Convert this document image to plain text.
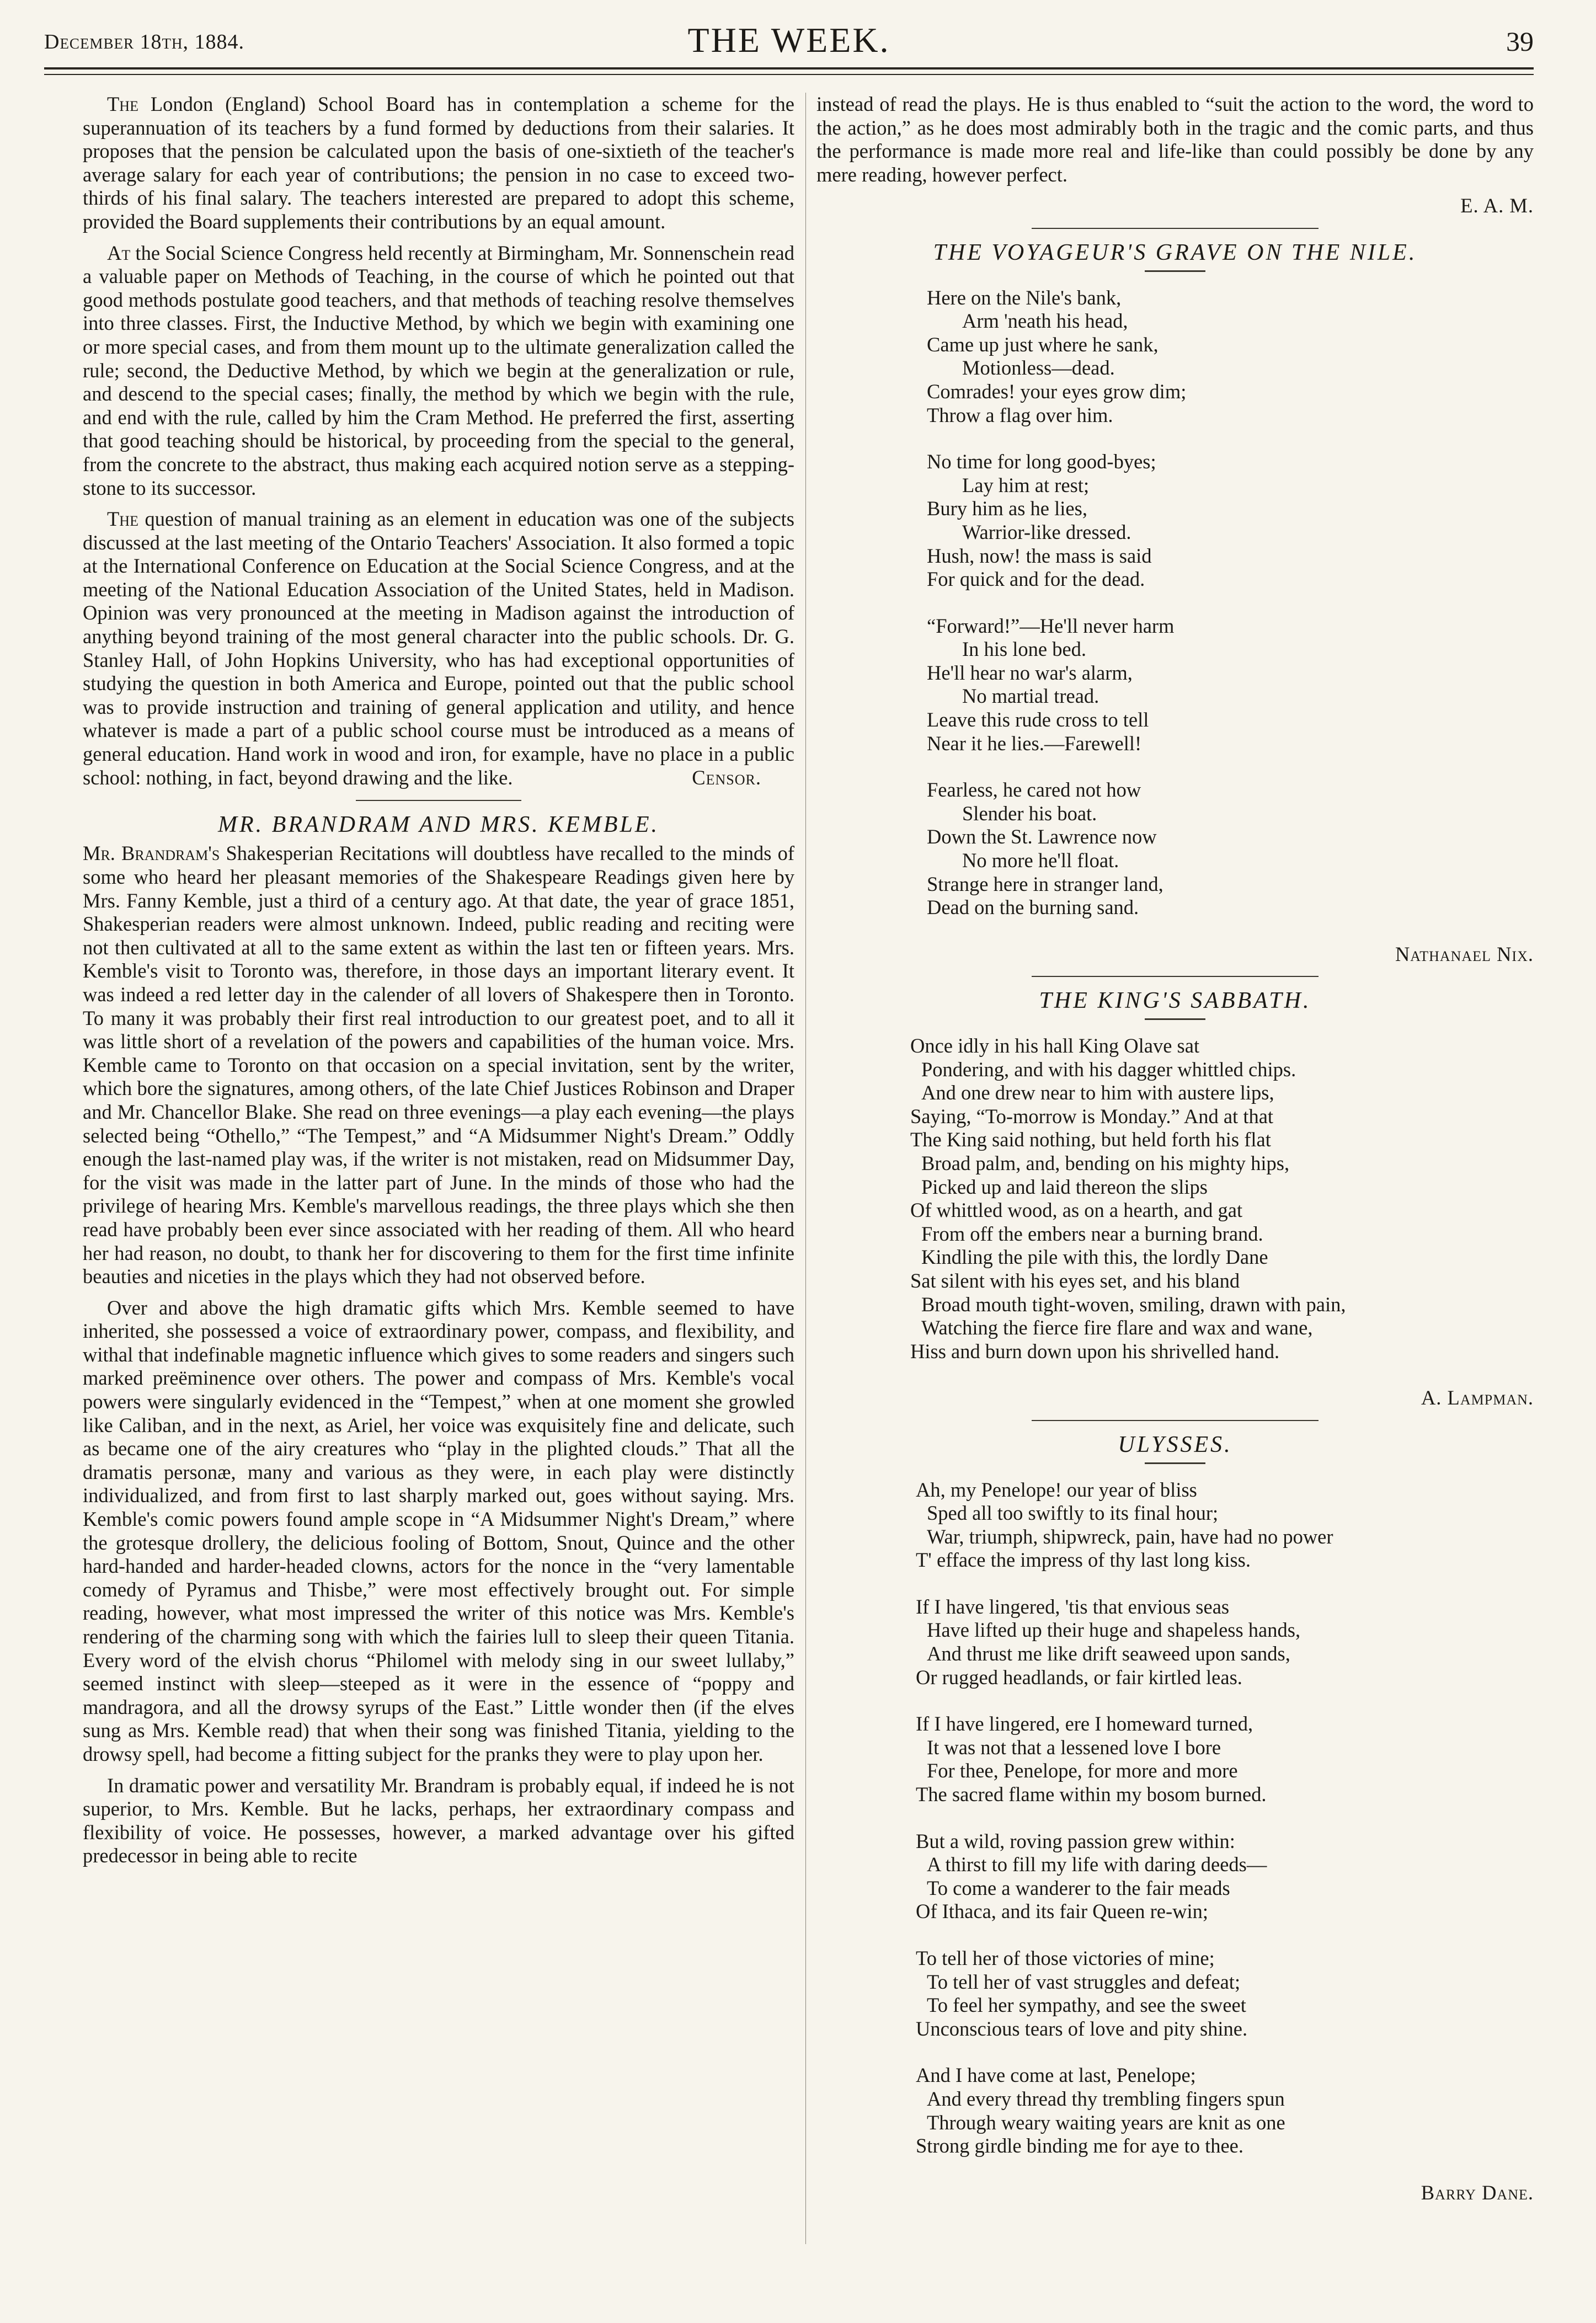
December 18th, 1884.	THE WEEK.	39

The London (England) School Board has in contemplation a scheme for the superannuation of its teachers by a fund formed by deductions from their salaries. It proposes that the pension be calculated upon the basis of one-sixtieth of the teacher's average salary for each year of contributions; the pension in no case to exceed two-thirds of his final salary. The teachers interested are prepared to adopt this scheme, provided the Board supplements their contributions by an equal amount.

At the Social Science Congress held recently at Birmingham, Mr. Sonnenschein read a valuable paper on Methods of Teaching, in the course of which he pointed out that good methods postulate good teachers, and that methods of teaching resolve themselves into three classes. First, the Inductive Method, by which we begin with examining one or more special cases, and from them mount up to the ultimate generalization called the rule; second, the Deductive Method, by which we begin at the generalization or rule, and descend to the special cases; finally, the method by which we begin with the rule, and end with the rule, called by him the Cram Method. He preferred the first, asserting that good teaching should be historical, by proceeding from the special to the general, from the concrete to the abstract, thus making each acquired notion serve as a stepping-stone to its successor.

The question of manual training as an element in education was one of the subjects discussed at the last meeting of the Ontario Teachers' Association. It also formed a topic at the International Conference on Education at the Social Science Congress, and at the meeting of the National Education Association of the United States, held in Madison. Opinion was very pronounced at the meeting in Madison against the introduction of anything beyond training of the most general character into the public schools. Dr. G. Stanley Hall, of John Hopkins University, who has had exceptional opportunities of studying the question in both America and Europe, pointed out that the public school was to provide instruction and training of general application and utility, and hence whatever is made a part of a public school course must be introduced as a means of general education. Hand work in wood and iron, for example, have no place in a public school: nothing, in fact, beyond drawing and the like.	Censor.
MR. BRANDRAM AND MRS. KEMBLE.

Mr. Brandram's Shakesperian Recitations will doubtless have recalled to the minds of some who heard her pleasant memories of the Shakespeare Readings given here by Mrs. Fanny Kemble, just a third of a century ago. At that date, the year of grace 1851, Shakesperian readers were almost unknown. Indeed, public reading and reciting were not then cultivated at all to the same extent as within the last ten or fifteen years. Mrs. Kemble's visit to Toronto was, therefore, in those days an important literary event. It was indeed a red letter day in the calender of all lovers of Shakespere then in Toronto. To many it was probably their first real introduction to our greatest poet, and to all it was little short of a revelation of the powers and capabilities of the human voice. Mrs. Kemble came to Toronto on that occasion on a special invitation, sent by the writer, which bore the signatures, among others, of the late Chief Justices Robinson and Draper and Mr. Chancellor Blake. She read on three evenings—a play each evening—the plays selected being “Othello,” “The Tempest,” and “A Midsummer Night's Dream.” Oddly enough the last-named play was, if the writer is not mistaken, read on Midsummer Day, for the visit was made in the latter part of June. In the minds of those who had the privilege of hearing Mrs. Kemble's marvellous readings, the three plays which she then read have probably been ever since associated with her reading of them. All who heard her had reason, no doubt, to thank her for discovering to them for the first time infinite beauties and niceties in the plays which they had not observed before.

Over and above the high dramatic gifts which Mrs. Kemble seemed to have inherited, she possessed a voice of extraordinary power, compass, and flexibility, and withal that indefinable magnetic influence which gives to some readers and singers such marked preëminence over others. The power and compass of Mrs. Kemble's vocal powers were singularly evidenced in the “Tempest,” when at one moment she growled like Caliban, and in the next, as Ariel, her voice was exquisitely fine and delicate, such as became one of the airy creatures who “play in the plighted clouds.” That all the dramatis personæ, many and various as they were, in each play were distinctly individualized, and from first to last sharply marked out, goes without saying. Mrs. Kemble's comic powers found ample scope in “A Midsummer Night's Dream,” where the grotesque drollery, the delicious fooling of Bottom, Snout, Quince and the other hard-handed and harder-headed clowns, actors for the nonce in the “very lamentable comedy of Pyramus and Thisbe,” were most effectively brought out. For simple reading, however, what most impressed the writer of this notice was Mrs. Kemble's rendering of the charming song with which the fairies lull to sleep their queen Titania. Every word of the elvish chorus “Philomel with melody sing in our sweet lullaby,” seemed instinct with sleep—steeped as it were in the essence of “poppy and mandragora, and all the drowsy syrups of the East.” Little wonder then (if the elves sung as Mrs. Kemble read) that when their song was finished Titania, yielding to the drowsy spell, had become a fitting subject for the pranks they were to play upon her.

In dramatic power and versatility Mr. Brandram is probably equal, if indeed he is not superior, to Mrs. Kemble. But he lacks, perhaps, her extraordinary compass and flexibility of voice. He possesses, however, a marked advantage over his gifted predecessor in being able to recite

instead of read the plays. He is thus enabled to “suit the action to the word, the word to the action,” as he does most admirably both in the tragic and the comic parts, and thus the performance is made more real and life-like than could possibly be done by any mere reading, however perfect.

E. A. M.
THE VOYAGEUR'S GRAVE ON THE NILE.
Here on the Nile's bank,
Arm 'neath his head,
Came up just where he sank,
Motionless—dead.
Comrades! your eyes grow dim;
Throw a flag over him.
No time for long good-byes;
Lay him at rest;
Bury him as he lies,
Warrior-like dressed.
Hush, now! the mass is said
For quick and for the dead.
“Forward!”—He'll never harm
In his lone bed.
He'll hear no war's alarm,
No martial tread.
Leave this rude cross to tell
Near it he lies.—Farewell!
Fearless, he cared not how
Slender his boat.
Down the St. Lawrence now
No more he'll float.
Strange here in stranger land,
Dead on the burning sand.
Nathanael Nix.
THE KING'S SABBATH.
Once idly in his hall King Olave sat
Pondering, and with his dagger whittled chips.
And one drew near to him with austere lips,
Saying, “To-morrow is Monday.” And at that
The King said nothing, but held forth his flat
Broad palm, and, bending on his mighty hips,
Picked up and laid thereon the slips
Of whittled wood, as on a hearth, and gat
From off the embers near a burning brand.
Kindling the pile with this, the lordly Dane
Sat silent with his eyes set, and his bland
Broad mouth tight-woven, smiling, drawn with pain,
Watching the fierce fire flare and wax and wane,
Hiss and burn down upon his shrivelled hand.
A. Lampman.
ULYSSES.
Ah, my Penelope! our year of bliss
Sped all too swiftly to its final hour;
War, triumph, shipwreck, pain, have had no power
T' efface the impress of thy last long kiss.
If I have lingered, 'tis that envious seas
Have lifted up their huge and shapeless hands,
And thrust me like drift seaweed upon sands,
Or rugged headlands, or fair kirtled leas.
If I have lingered, ere I homeward turned,
It was not that a lessened love I bore
For thee, Penelope, for more and more
The sacred flame within my bosom burned.
But a wild, roving passion grew within:
A thirst to fill my life with daring deeds—
To come a wanderer to the fair meads
Of Ithaca, and its fair Queen re-win;
To tell her of those victories of mine;
To tell her of vast struggles and defeat;
To feel her sympathy, and see the sweet
Unconscious tears of love and pity shine.
And I have come at last, Penelope;
And every thread thy trembling fingers spun
Through weary waiting years are knit as one
Strong girdle binding me for aye to thee.
Barry Dane.
